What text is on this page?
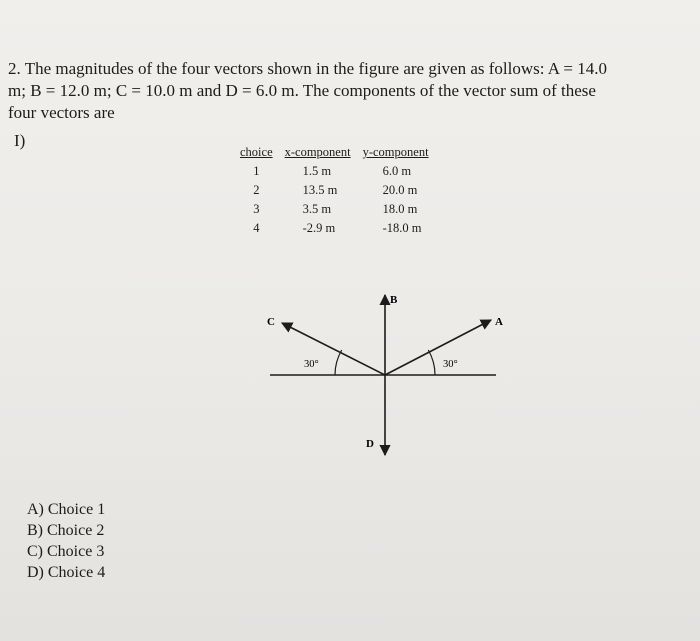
2. The magnitudes of the four vectors shown in the figure are given as follows: A = 14.0
m; B = 12.0 m; C = 10.0 m and D = 6.0 m. The components of the vector sum of these
four vectors are
I)
choice	x-component	y-component
1	1.5 m	6.0 m
2	13.5 m	20.0 m
3	3.5 m	18.0 m
4	-2.9 m	-18.0 m
B
A
C
D
30°	30°
A) Choice 1
B) Choice 2
C) Choice 3
D) Choice 4
